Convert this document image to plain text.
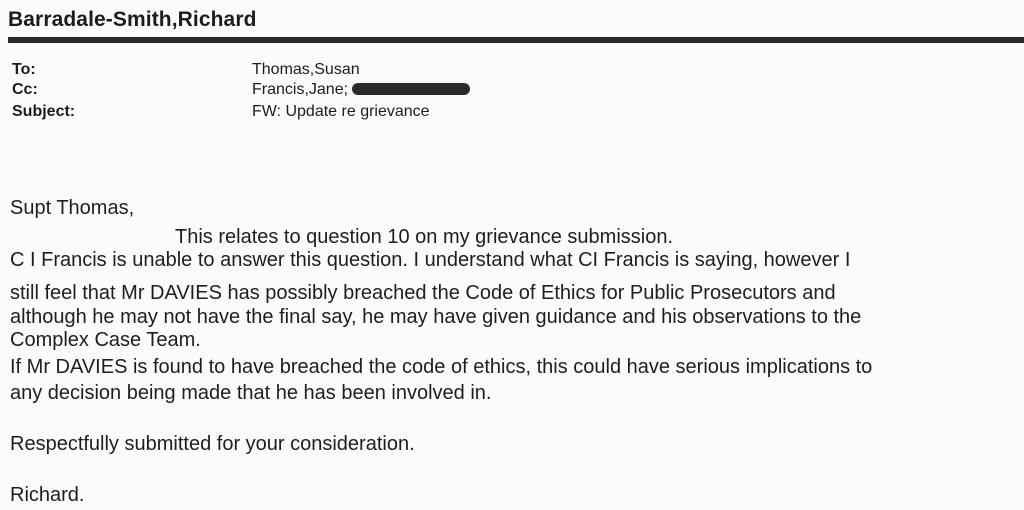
Barradale-Smith,Richard
To:	Thomas,Susan
Cc:	Francis,Jane;
Subject:	FW: Update re grievance
Supt Thomas,
This relates to question 10 on my grievance submission.
C I Francis is unable to answer this question. I understand what CI Francis is saying, however I
still feel that Mr DAVIES has possibly breached the Code of Ethics for Public Prosecutors and
although he may not have the final say, he may have given guidance and his observations to the
Complex Case Team.
If Mr DAVIES is found to have breached the code of ethics, this could have serious implications to
any decision being made that he has been involved in.
Respectfully submitted for your consideration.
Richard.
